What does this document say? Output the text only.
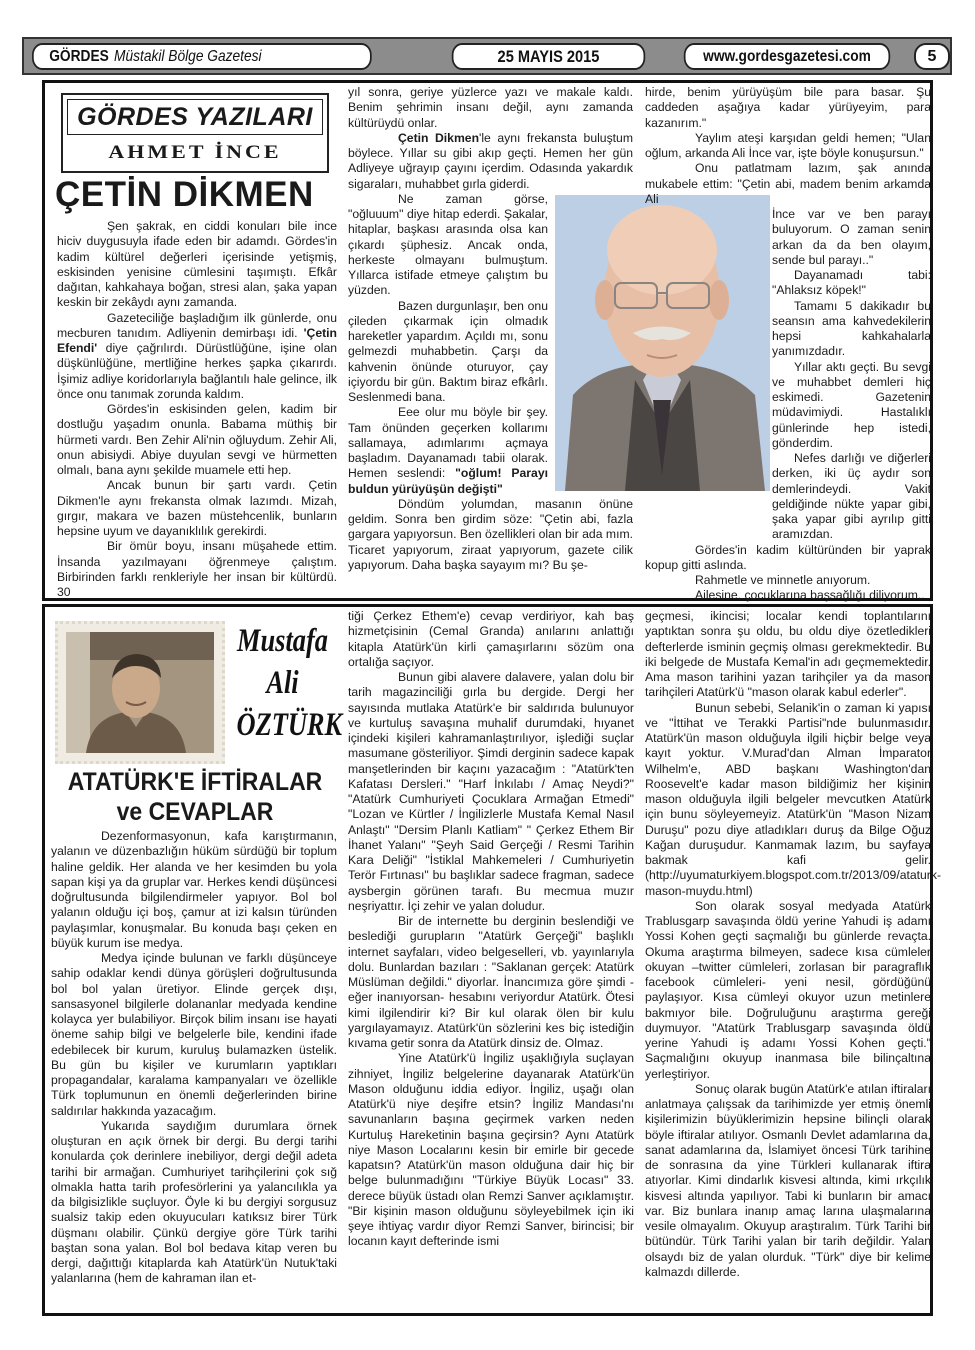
GÖRDES Müstakil Bölge Gazetesi	25 MAYIS 2015	www.gordesgazetesi.com	5
GÖRDES YAZILARI
AHMET İNCE
ÇETİN DİKMEN

Şen şakrak, en ciddi konuları bile ince hiciv duygusuyla ifade eden bir adamdı. Gördes'in kadim kültürel değerleri içerisinde yetişmiş, eskisinden yenisine cümlesini taşımıştı. Efkâr dağıtan, kahkahaya boğan, stresi alan, şaka yapan keskin bir zekâydı aynı zamanda.

Gazeteciliğe başladığım ilk günlerde, onu mecburen tanıdım. Adliyenin demirbaşı idi. 'Çetin Efendi' diye çağrılırdı. Dürüstlüğüne, işine olan düşkünlüğüne, mertliğine herkes şapka çıkarırdı. İşimiz adliye koridorlarıyla bağlantılı hale gelince, ilk önce onu tanımak zorunda kaldım.

Gördes'in eskisinden gelen, kadim bir dostluğu yaşadım onunla. Babama müthiş bir hürmeti vardı. Ben Zehir Ali'nin oğluydum. Zehir Ali, onun abisiydi. Abiye duyulan sevgi ve hürmetten olmalı, bana aynı şekilde muamele etti hep.

Ancak bunun bir şartı vardı. Çetin Dikmen'le aynı frekansta olmak lazımdı. Mizah, gırgır, makara ve bazen müstehcenlik, bunların hepsine uyum ve dayanıklılık gerekirdi.

Bir ömür boyu, insanı müşahede ettim. İnsanda yazılmayanı öğrenmeye çalıştım. Birbirinden farklı renkleriyle her insan bir kültürdü. 30

yıl sonra, geriye yüzlerce yazı ve makale kaldı. Benim şehrimin insanı değil, aynı zamanda kültürüydü onlar.

Çetin Dikmen'le aynı frekansta buluştum böylece. Yıllar su gibi akıp geçti. Hemen her gün Adliyeye uğrayıp çayını içerdim. Odasında yakardık sigaraları, muhabbet gırla giderdi.

Ne zaman görse, "oğluuum" diye hitap ederdi. Şakalar, hitaplar, başkası arasında olsa kan çıkardı şüphesiz. Ancak onda, herkeste olmayanı bulmuştum. Yıllarca istifade etmeye çalıştım bu yüzden.

Bazen durgunlaşır, ben onu çileden çıkarmak için olmadık hareketler yapardım. Açıldı mı, sonu gelmezdi muhabbetin. Çarşı da kahvenin önünde oturuyor, çay içiyordu bir gün. Baktım biraz efkârlı. Seslenmedi bana.

Eee olur mu böyle bir şey. Tam önünden geçerken kollarımı sallamaya, adımlarımı açmaya başladım. Dayanamadı tabii olarak. Hemen seslendi: "oğlum! Parayı buldun yürüyüşün değişti"

Döndüm yolumdan, masanın önüne geldim. Sonra ben girdim söze: "Çetin abi, fazla gargara yapıyorsun. Ben özellikleri olan bir ada mım. Ticaret yapıyorum, ziraat yapıyorum, gazete cilik yapıyorum. Daha başka sayayım mı? Bu şe-

hirde, benim yürüyüşüm bile para basar. Şu caddeden aşağıya kadar yürüyeyim, para kazanırım."

Yaylım ateşi karşıdan geldi hemen; "Ulan oğlum, arkanda Ali İnce var, işte böyle konuşursun."

Onu patlatmam lazım, şak anında mukabele ettim: "Çetin abi, madem benim arkamda Ali

İnce var ve ben parayı buluyorum. O zaman senin arkan da da ben olayım, sende bul parayı.."

Dayanamadı tabi: "Ahlaksız köpek!"

Tamamı 5 dakikadır bu seansın ama kahvedekilerin hepsi kahkahalarla yanımızdadır.

Yıllar aktı geçti. Bu sevgi ve muhabbet demleri hiç eskimedi. Gazetenin müdavimiydi. Hastalıklı günlerinde hep istedi, gönderdim.

Nefes darlığı ve diğerleri derken, iki üç aydır son demlerindeydi. Vakit geldiğinde nükte yapar gibi, şaka yapar gibi ayrılıp gitti aramızdan.

Gördes'in kadim kültüründen bir yaprak kopup gitti aslında.

Rahmetle ve minnetle anıyorum.

Ailesine, çocuklarına başsağlığı diliyorum..

Mustafa
Ali
ÖZTÜRK
ATATÜRK'E İFTİRALAR
ve CEVAPLAR

Dezenformasyonun, kafa karıştırmanın, yalanın ve düzenbazlığın hüküm sürdüğü bir toplum haline geldik. Her alanda ve her kesimden bu yola sapan kişi ya da gruplar var. Herkes kendi düşüncesi doğrultusunda bilgilendirmeler yapıyor. Bol bol yalanın olduğu içi boş, çamur at izi kalsın türünden paylaşımlar, konuşmalar. Bu konuda başı çeken en büyük kurum ise medya.

Medya içinde bulunan ve farklı düşünceye sahip odaklar kendi dünya görüşleri doğrultusunda bol bol yalan üretiyor. Elinde gerçek dışı, sansasyonel bilgilerle dolananlar medyada kendine kolayca yer bulabiliyor. Birçok bilim insanı ise hayati öneme sahip bilgi ve belgelerle bile, kendini ifade edebilecek bir kurum, kuruluş bulamazken üstelik. Bu gün bu kişiler ve kurumların yaptıkları propagandalar, karalama kampanyaları ve özellikle Türk toplumunun en önemli değerlerinden birine saldırılar hakkında yazacağım.

Yukarıda saydığım durumlara örnek oluşturan en açık örnek bir dergi. Bu dergi tarihi konularda çok derinlere inebiliyor, dergi değil adeta tarihi bir armağan. Cumhuriyet tarihçilerini çok sığ olmakla hatta tarih profesörlerini ya yalancılıkla ya da bilgisizlikle suçluyor. Öyle ki bu dergiyi sorgusuz sualsiz takip eden okuyucuları katıksız birer Türk düşmanı olabilir. Çünkü dergiye göre Türk tarihi baştan sona yalan. Bol bol bedava kitap veren bu dergi, dağıttığı kitaplarda kah Atatürk'ün Nutuk'taki yalanlarına (hem de kahraman ilan et-

tiği Çerkez Ethem'e) cevap verdiriyor, kah baş hizmetçisinin (Cemal Granda) anılarını anlattığı kitapla Atatürk'ün kirli çamaşırlarını sözüm ona ortalığa saçıyor.

Bunun gibi alavere dalavere, yalan dolu bir tarih magazinciliği gırla bu dergide. Dergi her sayısında mutlaka Atatürk'e bir saldırıda bulunuyor ve kurtuluş savaşına muhalif durumdaki, hıyanet içindeki kişileri kahramanlaştırılıyor, işlediği suçlar masumane gösteriliyor. Şimdi derginin sadece kapak manşetlerinden bir kaçını yazacağım : "Atatürk'ten Kafatası Dersleri." "Harf İnkılabı / Amaç Neydi?" "Atatürk Cumhuriyeti Çocuklara Armağan Etmedi" "Lozan ve Kürtler / İngilizlerle Mustafa Kemal Nasıl Anlaştı" "Dersim Planlı Katliam" " Çerkez Ethem Bir İhanet Yalanı" "Şeyh Said Gerçeği / Resmi Tarihin Kara Deliği" "İstiklal Mahkemeleri / Cumhuriyetin Terör Fırtınası" bu başlıklar sadece fragman, sadece aysbergin görünen tarafı. Bu mecmua muzır neşriyattır. İçi zehir ve yalan doludur.

Bir de internette bu derginin beslendiği ve beslediği gurupların "Atatürk Gerçeği" başlıklı internet sayfaları, video belgeselleri, vb. yayınlarıyla dolu. Bunlardan bazıları : "Saklanan gerçek: Atatürk Müslüman değildi." diyorlar. İnancımıza göre şimdi -eğer inanıyorsan- hesabını veriyordur Atatürk. Ötesi kimi ilgilendirir ki? Bir kul olarak ölen bir kulu yargılayamayız. Atatürk'ün sözlerini kes biç istediğin kıvama getir sonra da Atatürk dinsiz de. Olmaz.

Yine Atatürk'ü İngiliz uşaklığıyla suçlayan zihniyet, İngiliz belgelerine dayanarak Atatürk'ün Mason olduğunu iddia ediyor. İngiliz, uşağı olan Atatürk'ü niye deşifre etsin? İngiliz Mandası'nı savunanların başına geçirmek varken neden Kurtuluş Hareketinin başına geçirsin? Aynı Atatürk niye Mason Localarını kesin bir emirle bir gecede kapatsın? Atatürk'ün mason olduğuna dair hiç bir belge bulunmadığını "Türkiye Büyük Locası" 33. derece büyük üstadı olan Remzi Sanver açıklamıştır. "Bir kişinin mason olduğunu söyleyebilmek için iki şeye ihtiyaç vardır diyor Remzi Sanver, birincisi; bir locanın kayıt defterinde ismi

geçmesi, ikincisi; localar kendi toplantılarını yaptıktan sonra şu oldu, bu oldu diye özetledikleri defterlerde isminin geçmiş olması gerekmektedir. Bu iki belgede de Mustafa Kemal'in adı geçmemektedir. Ama mason tarihini yazan tarihçiler ya da mason tarihçileri Atatürk'ü "mason olarak kabul ederler".

Bunun sebebi, Selanik'in o zaman ki yapısı ve "İttihat ve Terakki Partisi"nde bulunmasıdır. Atatürk'ün mason olduğuyla ilgili hiçbir belge veya kayıt yoktur. V.Murad'dan Alman İmparator Wilhelm'e, ABD başkanı Washington'dan Roosevelt'e kadar mason bildiğimiz her kişinin mason olduğuyla ilgili belgeler mevcutken Atatürk için bunu söyleyemeyiz. Atatürk'ün "Mason Nizam Duruşu" pozu diye atladıkları duruş da Bilge Oğuz Kağan duruşudur. Kanmamak lazım, bu sayfaya bakmak kafi gelir. (http://uyumaturkiyem.blogspot.com.tr/2013/09/ataturk-mason-muydu.html)

Son olarak sosyal medyada Atatürk Trablusgarp savaşında öldü yerine Yahudi iş adamı Yossi Kohen geçti saçmalığı bu günlerde revaçta. Okuma araştırma bilmeyen, sadece kısa cümleler okuyan –twitter cümleleri, zorlasan bir paragraflık facebook cümleleri- yeni nesil, gördüğünü paylaşıyor. Kısa cümleyi okuyor uzun metinlere bakmıyor bile. Doğruluğunu araştırma gereği duymuyor. "Atatürk Trablusgarp savaşında öldü yerine Yahudi iş adamı Yossi Kohen geçti." Saçmalığını okuyup inanmasa bile bilinçaltına yerleştiriyor.

Sonuç olarak bugün Atatürk'e atılan iftiraları anlatmaya çalışsak da tarihimizde yer etmiş önemli kişilerimizin büyüklerimizin hepsine bilinçli olarak böyle iftiralar atılıyor. Osmanlı Devlet adamlarına da, sanat adamlarına da, İslamiyet öncesi Türk tarihine de sonrasına da yine Türkleri kullanarak iftira atıyorlar. Kimi dindarlık kisvesi altında, kimi ırkçılık kisvesi altında yapılıyor. Tabi ki bunların bir amacı var. Biz bunlara inanıp amaç larına ulaşmalarına vesile olmayalım. Okuyup araştıralım. Türk Tarihi bir bütündür. Türk Tarihi yalan bir tarih değildir. Yalan olsaydı biz de yalan olurduk. "Türk" diye bir kelime kalmazdı dillerde.
